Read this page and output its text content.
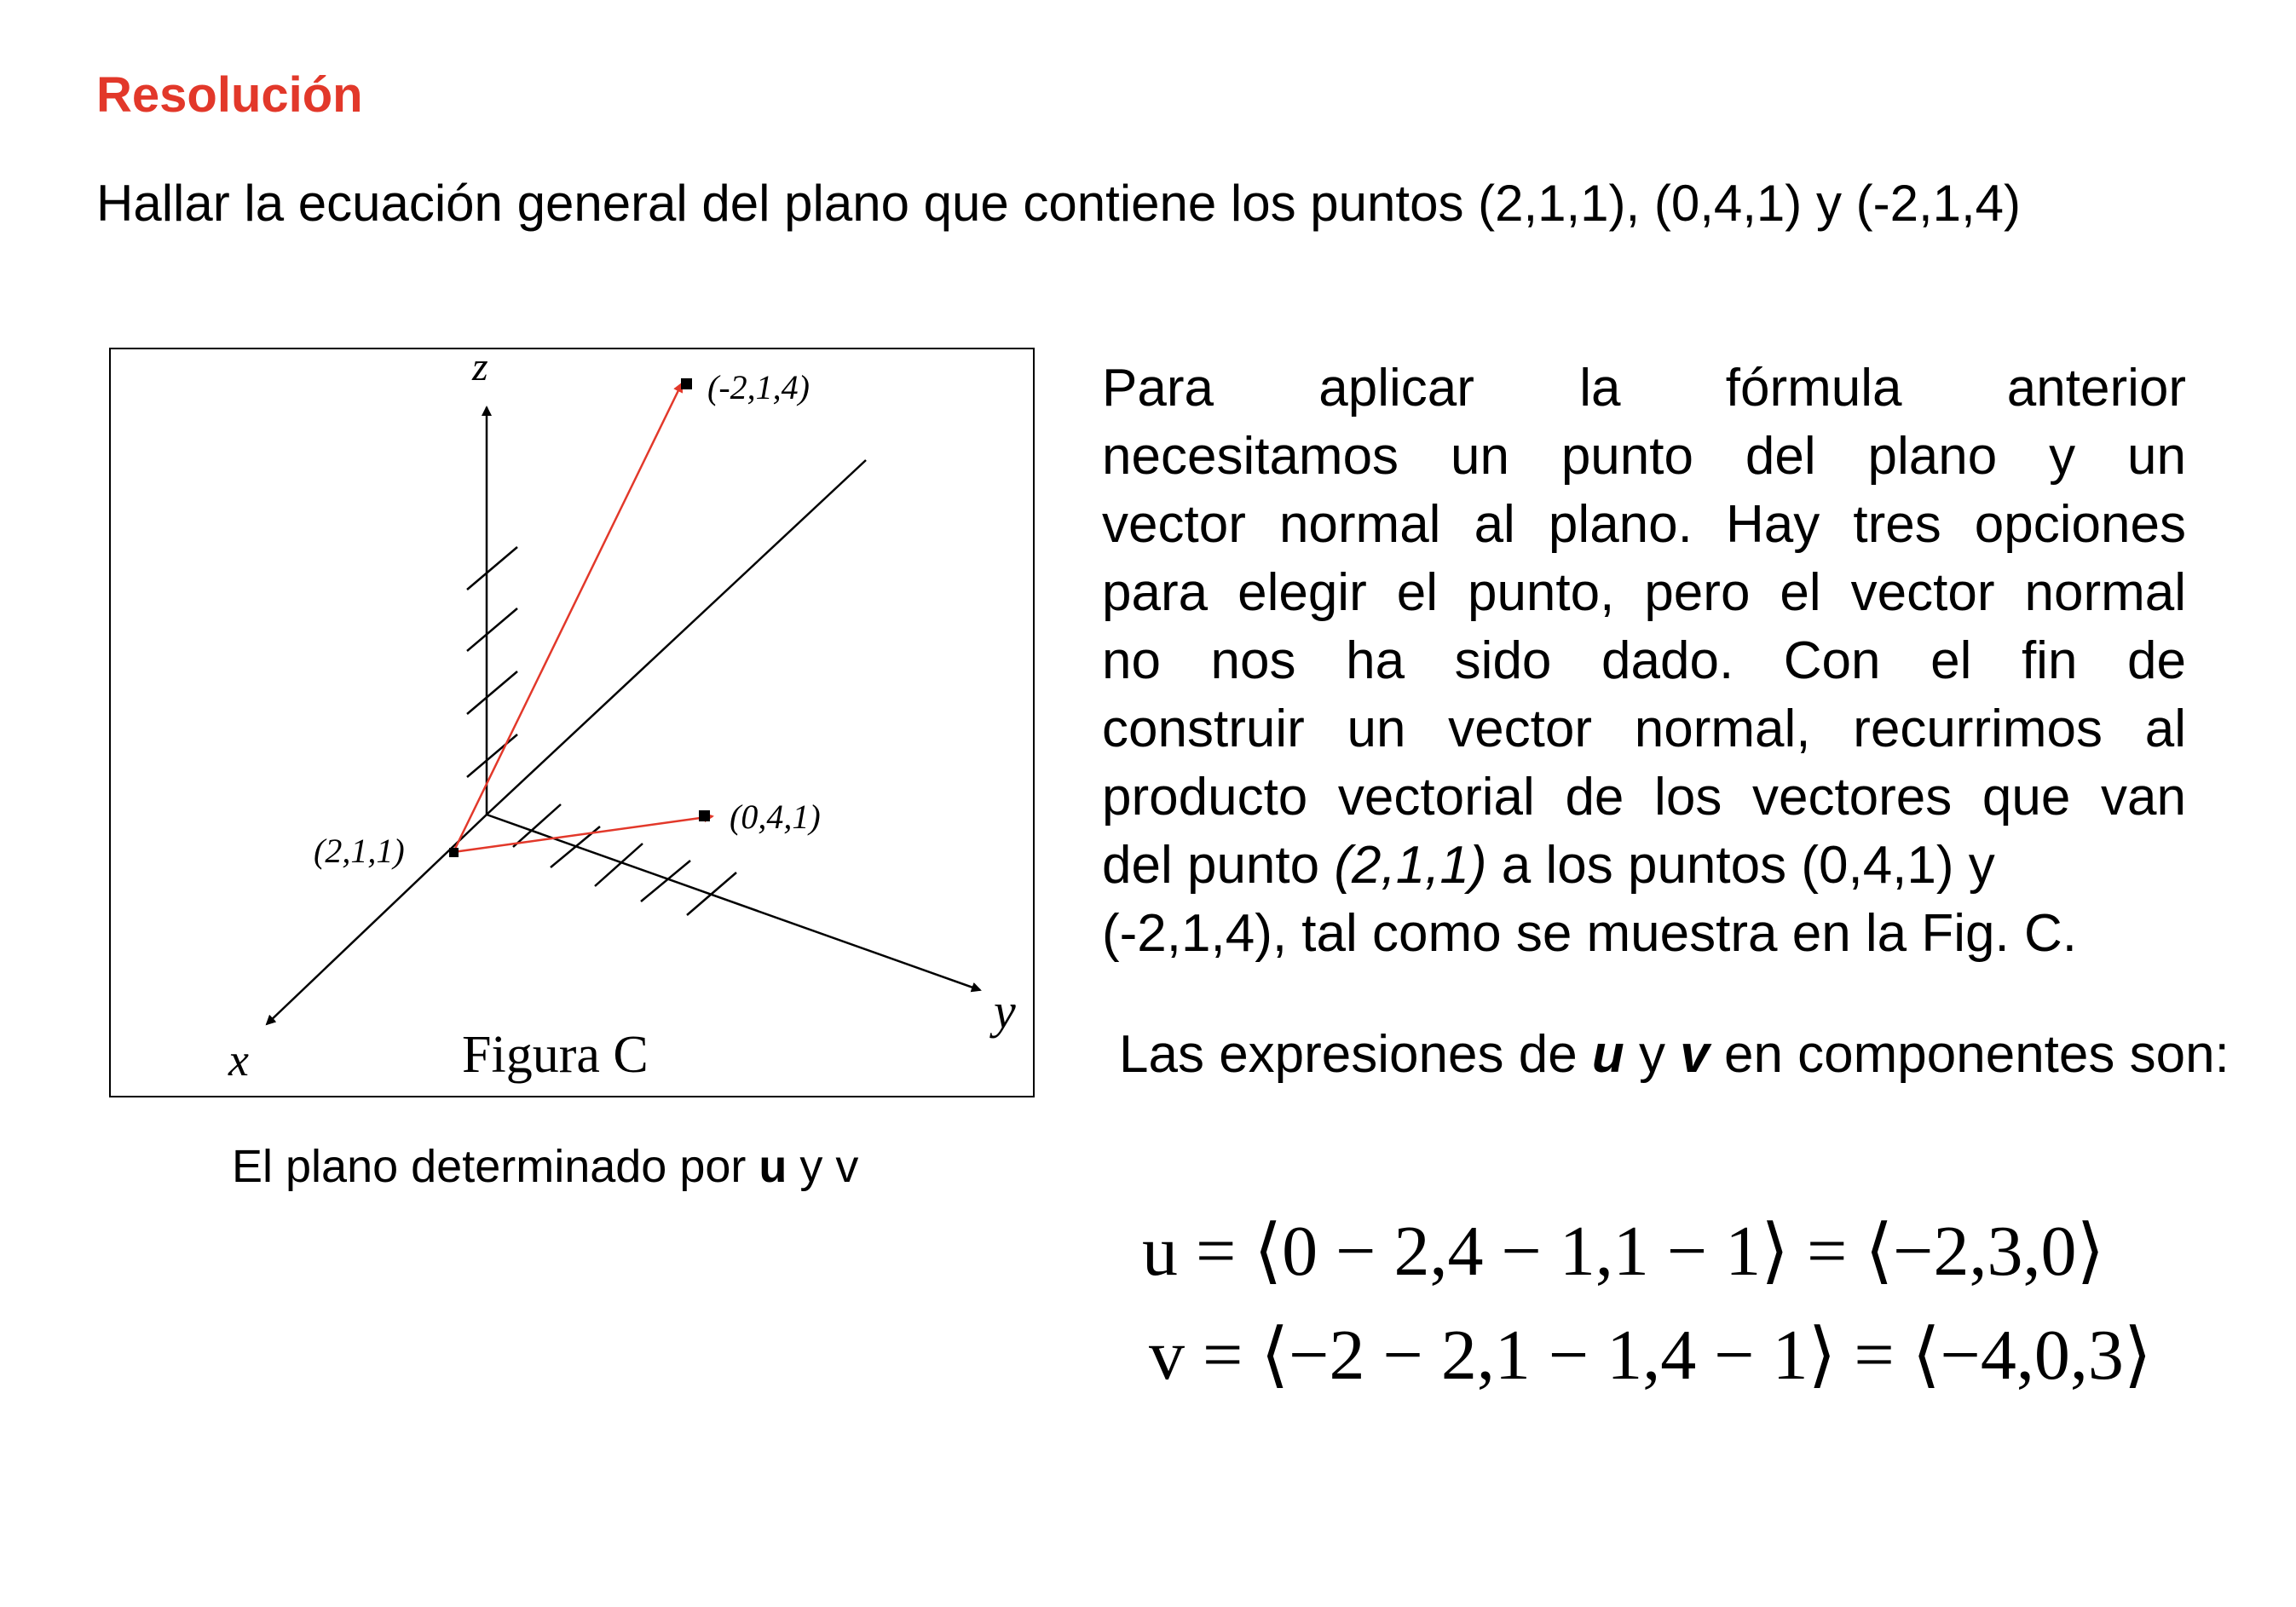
Resolución
Hallar la ecuación general del plano que contiene los puntos (2,1,1), (0,4,1) y (-2,1,4)
z
y
x
(-2,1,4)
(0,4,1)
(2,1,1)
Figura C
El plano determinado por u y v
Para aplicar la fórmula anterior
necesitamos un punto del plano y un
vector normal al plano. Hay tres opciones
para elegir el punto, pero el vector normal
no nos ha sido dado. Con el fin de
construir un vector normal, recurrimos al
producto vectorial de los vectores que van
del punto (2,1,1) a los puntos (0,4,1) y
(-2,1,4), tal como se muestra en la Fig. C.
Las expresiones de u y v en componentes son:
u = ⟨0 − 2,4 − 1,1 − 1⟩ = ⟨−2,3,0⟩
v = ⟨−2 − 2,1 − 1,4 − 1⟩ = ⟨−4,0,3⟩
